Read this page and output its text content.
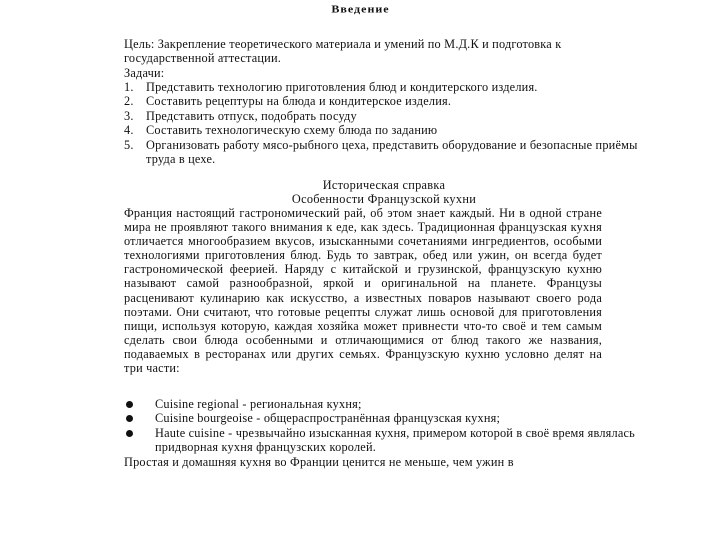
Введение
Цель: Закрепление теоретического материала и умений по М.Д.К и подготовка к государственной аттестации.
Задачи:
1.	Представить технологию приготовления блюд и кондитерского изделия.
2.	Составить рецептуры на блюда и кондитерское изделия.
3.	Представить отпуск, подобрать посуду
4.	Составить технологическую схему блюда по заданию
5.	Организовать работу мясо-рыбного цеха, представить оборудование и безопасные приёмы труда в цехе.
Историческая справка
Особенности Французской кухни

Франция настоящий гастрономический рай, об этом знает каждый. Ни в одной стране мира не проявляют такого внимания к еде, как здесь. Традиционная французская кухня отличается многообразием вкусов, изысканными сочетаниями ингредиентов, особыми технологиями приготовления блюд. Будь то завтрак, обед или ужин, он всегда будет гастрономической феерией. Наряду с китайской и грузинской, французскую кухню называют самой разнообразной, яркой и оригинальной на планете. Французы расценивают кулинарию как искусство, а известных поваров называют своего рода поэтами. Они считают, что готовые рецепты служат лишь основой для приготовления пищи, используя которую, каждая хозяйка может привнести что-то своё и тем самым сделать свои блюда особенными и отличающимися от блюд такого же названия, подаваемых в ресторанах или других семьях. Французскую кухню условно делят на три части:

Cuisine regional - региональная кухня;
Cuisine bourgeoise - общераспространённая французская кухня;
Haute cuisine - чрезвычайно изысканная кухня, примером которой в своё время являлась придворная кухня французских королей.
Простая и домашняя кухня во Франции ценится не меньше, чем ужин в
